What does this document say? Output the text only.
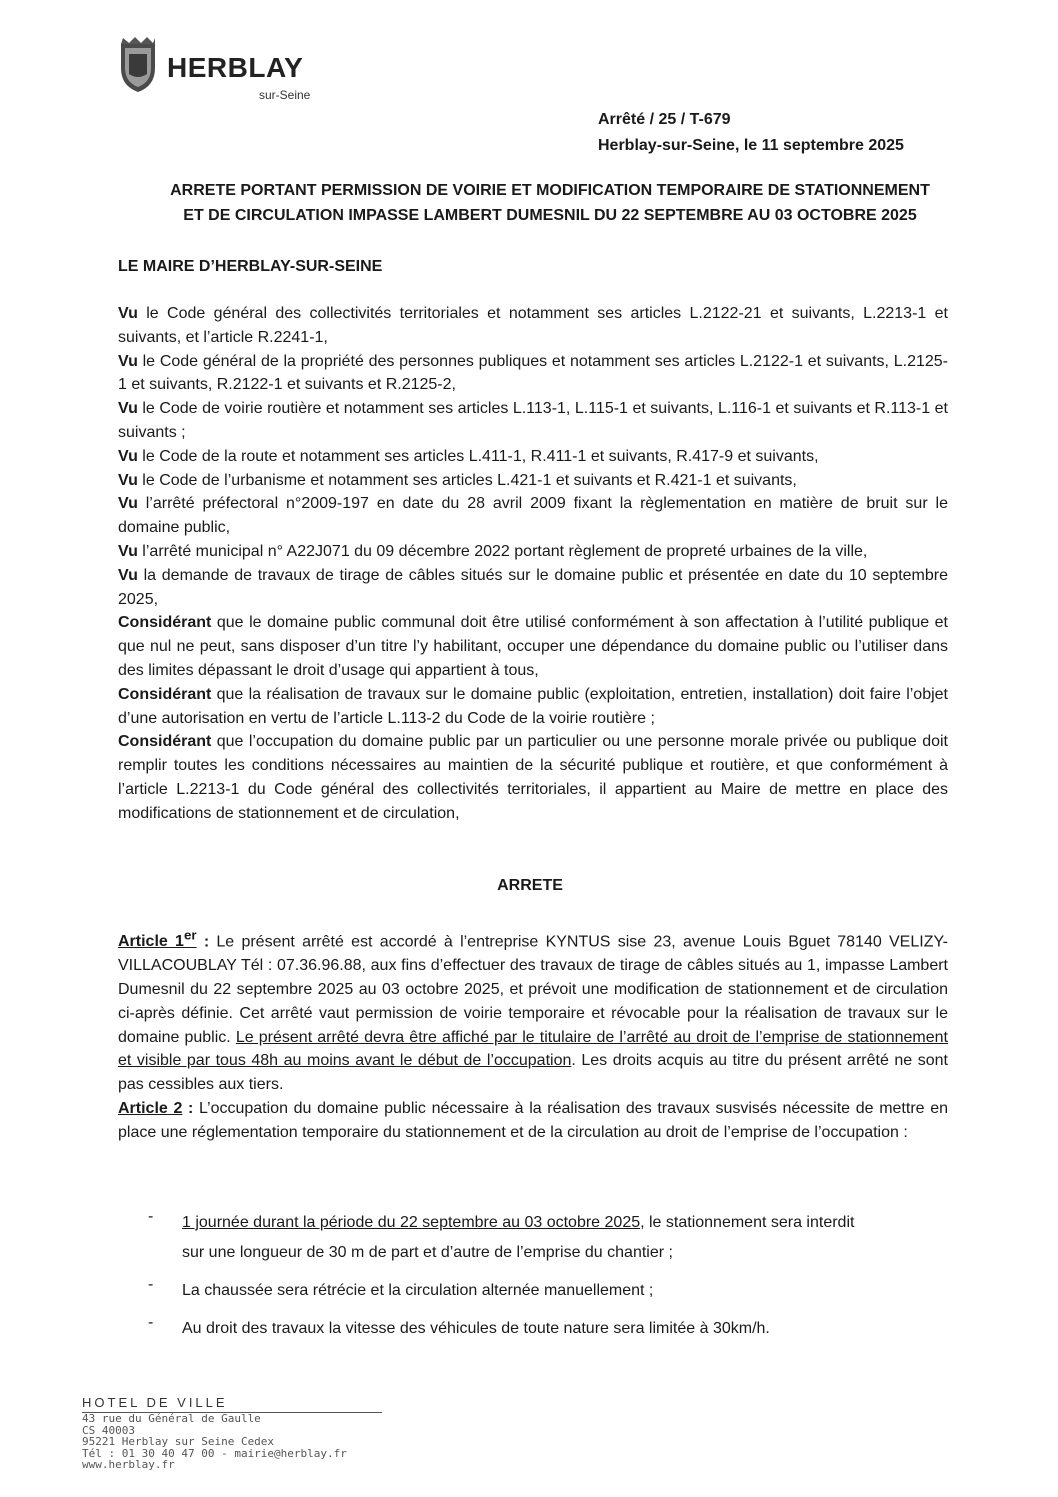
HERBLAY
sur-Seine
Arrêté / 25 / T-679
Herblay-sur-Seine, le 11 septembre 2025
ARRETE PORTANT PERMISSION DE VOIRIE ET MODIFICATION TEMPORAIRE DE STATIONNEMENT
ET DE CIRCULATION IMPASSE LAMBERT DUMESNIL DU 22 SEPTEMBRE AU 03 OCTOBRE 2025
LE MAIRE D’HERBLAY-SUR-SEINE

Vu le Code général des collectivités territoriales et notamment ses articles L.2122-21 et suivants, L.2213-1 et suivants, et l’article R.2241-1,

Vu le Code général de la propriété des personnes publiques et notamment ses articles L.2122-1 et suivants, L.2125-1 et suivants, R.2122-1 et suivants et R.2125-2,

Vu le Code de voirie routière et notamment ses articles L.113-1, L.115-1 et suivants, L.116-1 et suivants et R.113-1 et suivants ;

Vu le Code de la route et notamment ses articles L.411-1, R.411-1 et suivants, R.417-9 et suivants,

Vu le Code de l’urbanisme et notamment ses articles L.421-1 et suivants et R.421-1 et suivants,

Vu l’arrêté préfectoral n°2009-197 en date du 28 avril 2009 fixant la règlementation en matière de bruit sur le domaine public,

Vu l’arrêté municipal n° A22J071 du 09 décembre 2022 portant règlement de propreté urbaines de la ville,

Vu la demande de travaux de tirage de câbles situés sur le domaine public et présentée en date du 10 septembre 2025,

Considérant que le domaine public communal doit être utilisé conformément à son affectation à l’utilité publique et que nul ne peut, sans disposer d’un titre l’y habilitant, occuper une dépendance du domaine public ou l’utiliser dans des limites dépassant le droit d’usage qui appartient à tous,

Considérant que la réalisation de travaux sur le domaine public (exploitation, entretien, installation) doit faire l’objet d’une autorisation en vertu de l’article L.113-2 du Code de la voirie routière ;

Considérant que l’occupation du domaine public par un particulier ou une personne morale privée ou publique doit remplir toutes les conditions nécessaires au maintien de la sécurité publique et routière, et que conformément à l’article L.2213-1 du Code général des collectivités territoriales, il appartient au Maire de mettre en place des modifications de stationnement et de circulation,

ARRETE

Article 1er : Le présent arrêté est accordé à l’entreprise KYNTUS sise 23, avenue Louis Bguet 78140 VELIZY-VILLACOUBLAY Tél : 07.36.96.88, aux fins d’effectuer des travaux de tirage de câbles situés au 1, impasse Lambert Dumesnil du 22 septembre 2025 au 03 octobre 2025, et prévoit une modification de stationnement et de circulation ci-après définie. Cet arrêté vaut permission de voirie temporaire et révocable pour la réalisation de travaux sur le domaine public. Le présent arrêté devra être affiché par le titulaire de l’arrêté au droit de l’emprise de stationnement et visible par tous 48h au moins avant le début de l’occupation. Les droits acquis au titre du présent arrêté ne sont pas cessibles aux tiers.

Article 2 : L’occupation du domaine public nécessaire à la réalisation des travaux susvisés nécessite de mettre en place une réglementation temporaire du stationnement et de la circulation au droit de l’emprise de l’occupation :

- 1 journée durant la période du 22 septembre au 03 octobre 2025, le stationnement sera interdit
sur une longueur de 30 m de part et d’autre de l’emprise du chantier ;
- La chaussée sera rétrécie et la circulation alternée manuellement ;
- Au droit des travaux la vitesse des véhicules de toute nature sera limitée à 30km/h.
HOTEL DE VILLE
43 rue du Général de Gaulle
CS 40003
95221 Herblay sur Seine Cedex
Tél : 01 30 40 47 00 - mairie@herblay.fr
www.herblay.fr
